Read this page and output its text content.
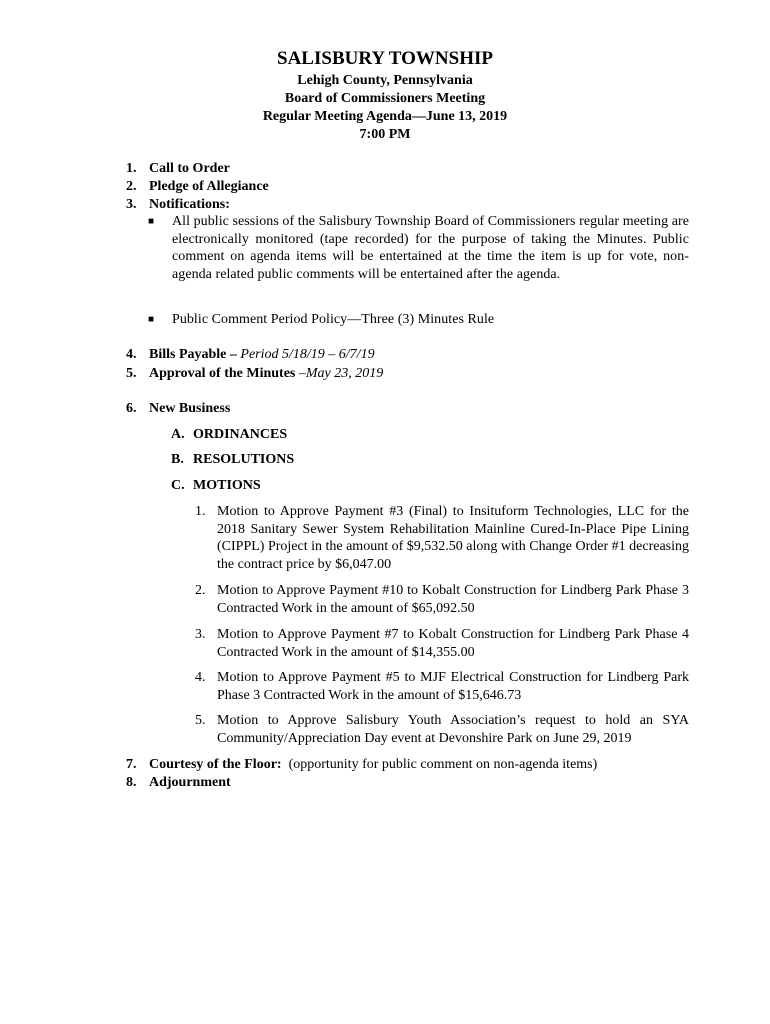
SALISBURY TOWNSHIP
Lehigh County, Pennsylvania
Board of Commissioners Meeting
Regular Meeting Agenda—June 13, 2019
7:00 PM
1. Call to Order
2. Pledge of Allegiance
3. Notifications:
■ All public sessions of the Salisbury Township Board of Commissioners regular meeting are electronically monitored (tape recorded) for the purpose of taking the Minutes. Public comment on agenda items will be entertained at the time the item is up for vote, non-agenda related public comments will be entertained after the agenda.
■ Public Comment Period Policy—Three (3) Minutes Rule
4. Bills Payable – Period 5/18/19 – 6/7/19
5. Approval of the Minutes –May 23, 2019
6. New Business
A. ORDINANCES
B. RESOLUTIONS
C. MOTIONS
1. Motion to Approve Payment #3 (Final) to Insituform Technologies, LLC for the 2018 Sanitary Sewer System Rehabilitation Mainline Cured-In-Place Pipe Lining (CIPPL) Project in the amount of $9,532.50 along with Change Order #1 decreasing the contract price by $6,047.00
2. Motion to Approve Payment #10 to Kobalt Construction for Lindberg Park Phase 3 Contracted Work in the amount of $65,092.50
3. Motion to Approve Payment #7 to Kobalt Construction for Lindberg Park Phase 4 Contracted Work in the amount of $14,355.00
4. Motion to Approve Payment #5 to MJF Electrical Construction for Lindberg Park Phase 3 Contracted Work in the amount of $15,646.73
5. Motion to Approve Salisbury Youth Association’s request to hold an SYA Community/Appreciation Day event at Devonshire Park on June 29, 2019
7. Courtesy of the Floor: (opportunity for public comment on non-agenda items)
8. Adjournment
